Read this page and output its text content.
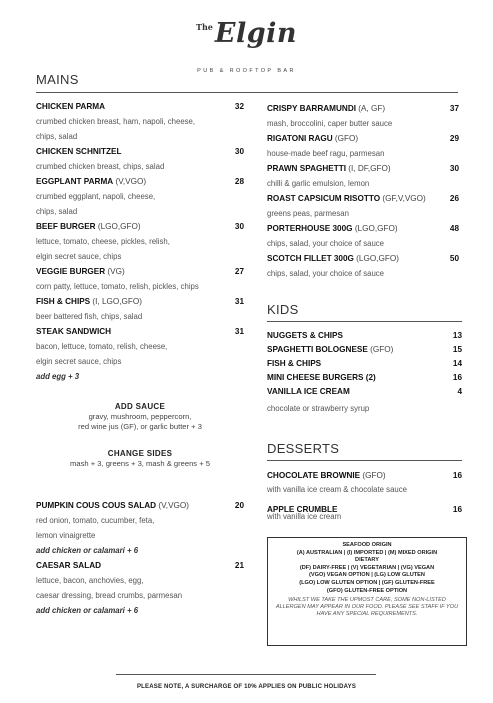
$^{The}$Elgin
PUB & ROOFTOP BAR
MAINS
CHICKEN PARMA	32
crumbed chicken breast, ham, napoli, cheese,
chips, salad
CHICKEN SCHNITZEL	30
crumbed chicken breast, chips, salad
EGGPLANT PARMA (V,VGO)	28
crumbed eggplant, napoli, cheese,
chips, salad
BEEF BURGER (LGO,GFO)	30
lettuce, tomato, cheese, pickles, relish,
elgin secret sauce, chips
VEGGIE BURGER (VG)	27
corn patty, lettuce, tomato, relish, pickles, chips
FISH & CHIPS (I, LGO,GFO)	31
beer battered fish, chips, salad
STEAK SANDWICH	31
bacon, lettuce, tomato, relish, cheese,
elgin secret sauce, chips
add egg + 3
ADD SAUCE
gravy, mushroom, peppercorn,
red wine jus (GF), or garlic butter + 3
CHANGE SIDES
mash + 3, greens + 3, mash & greens + 5
PUMPKIN COUS COUS SALAD (V,VGO)	20
red onion, tomato, cucumber, feta,
lemon vinaigrette
add chicken or calamari + 6
CAESAR SALAD	21
lettuce, bacon, anchovies, egg,
caesar dressing, bread crumbs, parmesan
add chicken or calamari + 6
CRISPY BARRAMUNDI (A, GF)	37
mash, broccolini, caper butter sauce
RIGATONI RAGU (GFO)	29
house-made beef ragu, parmesan
PRAWN SPAGHETTI (I, DF,GFO)	30
chilli & garlic emulsion, lemon
ROAST CAPSICUM RISOTTO (GF,V,VGO)	26
greens peas, parmesan
PORTERHOUSE 300G (LGO,GFO)	48
chips, salad, your choice of sauce
SCOTCH FILLET 300G (LGO,GFO)	50
chips, salad, your choice of sauce
KIDS
NUGGETS & CHIPS	13
SPAGHETTI BOLOGNESE (GFO)	15
FISH & CHIPS	14
MINI CHEESE BURGERS (2)	16
VANILLA ICE CREAM	4
chocolate or strawberry syrup
DESSERTS
CHOCOLATE BROWNIE (GFO)	16
with vanilla ice cream & chocolate sauce
APPLE CRUMBLE	16
with vanilla ice cream
SEAFOOD ORIGIN
(A) AUSTRALIAN | (I) IMPORTED | (M) MIXED ORIGIN
DIETARY
(DF) DAIRY-FREE | (V) VEGETARIAN | (VG) VEGAN
(VGO) VEGAN OPTION | (LG) LOW GLUTEN
(LGO) LOW GLUTEN OPTION | (GF) GLUTEN-FREE
(GFO) GLUTEN-FREE OPTION
WHILST WE TAKE THE UPMOST CARE, SOME NON-LISTED ALLERGEN MAY APPEAR IN OUR FOOD. PLEASE SEE STAFF IF YOU HAVE ANY SPECIAL REQUIREMENTS.
PLEASE NOTE, A SURCHARGE OF 10% APPLIES ON PUBLIC HOLIDAYS
